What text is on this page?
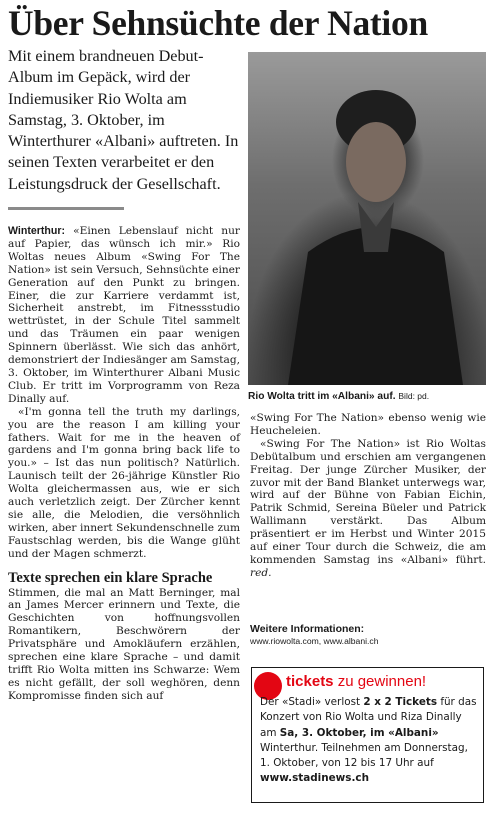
Über Sehnsüchte der Nation
Mit einem brandneuen Debut-Album im Gepäck, wird der Indiemusiker Rio Wolta am Samstag, 3. Oktober, im Winterthurer «Albani» auftreten. In seinen Texten verarbeitet er den Leistungsdruck der Gesellschaft.
Rio Wolta tritt im «Albani» auf. Bild: pd.

Winterthur: «Einen Lebenslauf nicht nur auf Papier, das wünsch ich mir.» Rio Woltas neues Album «Swing For The Nation» ist sein Versuch, Sehnsüchte einer Generation auf den Punkt zu bringen. Einer, die zur Karriere verdammt ist, Sicherheit anstrebt, im Fitnessstudio wettrüstet, in der Schule Titel sammelt und das Träumen ein paar wenigen Spinnern überlässt. Wie sich das anhört, demonstriert der Indiesänger am Samstag, 3. Oktober, im Winterthurer Albani Music Club. Er tritt im Vorprogramm von Reza Dinally auf.

«I'm gonna tell the truth my darlings, you are the reason I am killing your fathers. Wait for me in the heaven of gardens and I'm gonna bring back life to you.» – Ist das nun politisch? Natürlich. Launisch teilt der 26-jährige Künstler Rio Wolta gleichermassen aus, wie er sich auch verletzlich zeigt. Der Zürcher kennt sie alle, die Melodien, die versöhnlich wirken, aber innert Sekundenschnelle zum Faustschlag werden, bis die Wange glüht und der Magen schmerzt.

Texte sprechen ein klare Sprache

Stimmen, die mal an Matt Berninger, mal an James Mercer erinnern und Texte, die Geschichten von hoffnungsvollen Romantikern, Beschwörern der Privatsphäre und Amokläufern erzählen, sprechen eine klare Sprache – und damit trifft Rio Wolta mitten ins Schwarze: Wem es nicht gefällt, der soll weghören, denn Kompromisse finden sich auf

«Swing For The Nation» ebenso wenig wie Heucheleien.

«Swing For The Nation» ist Rio Woltas Debütalbum und erschien am vergangenen Freitag. Der junge Zürcher Musiker, der zuvor mit der Band Blanket unterwegs war, wird auf der Bühne von Fabian Eichin, Patrik Schmid, Sereina Büeler und Patrick Wallimann verstärkt. Das Album präsentiert er im Herbst und Winter 2015 auf einer Tour durch die Schweiz, die am kommenden Samstag ins «Albani» führt. red.

Weitere Informationen:
www.riowolta.com, www.albani.ch
tickets zu gewinnen!
Der «Stadi» verlost 2 x 2 Tickets für das Konzert von Rio Wolta und Riza Dinally am Sa, 3. Oktober, im «Albani» Winterthur. Teilnehmen am Donnerstag, 1. Oktober, von 12 bis 17 Uhr auf www.stadinews.ch
